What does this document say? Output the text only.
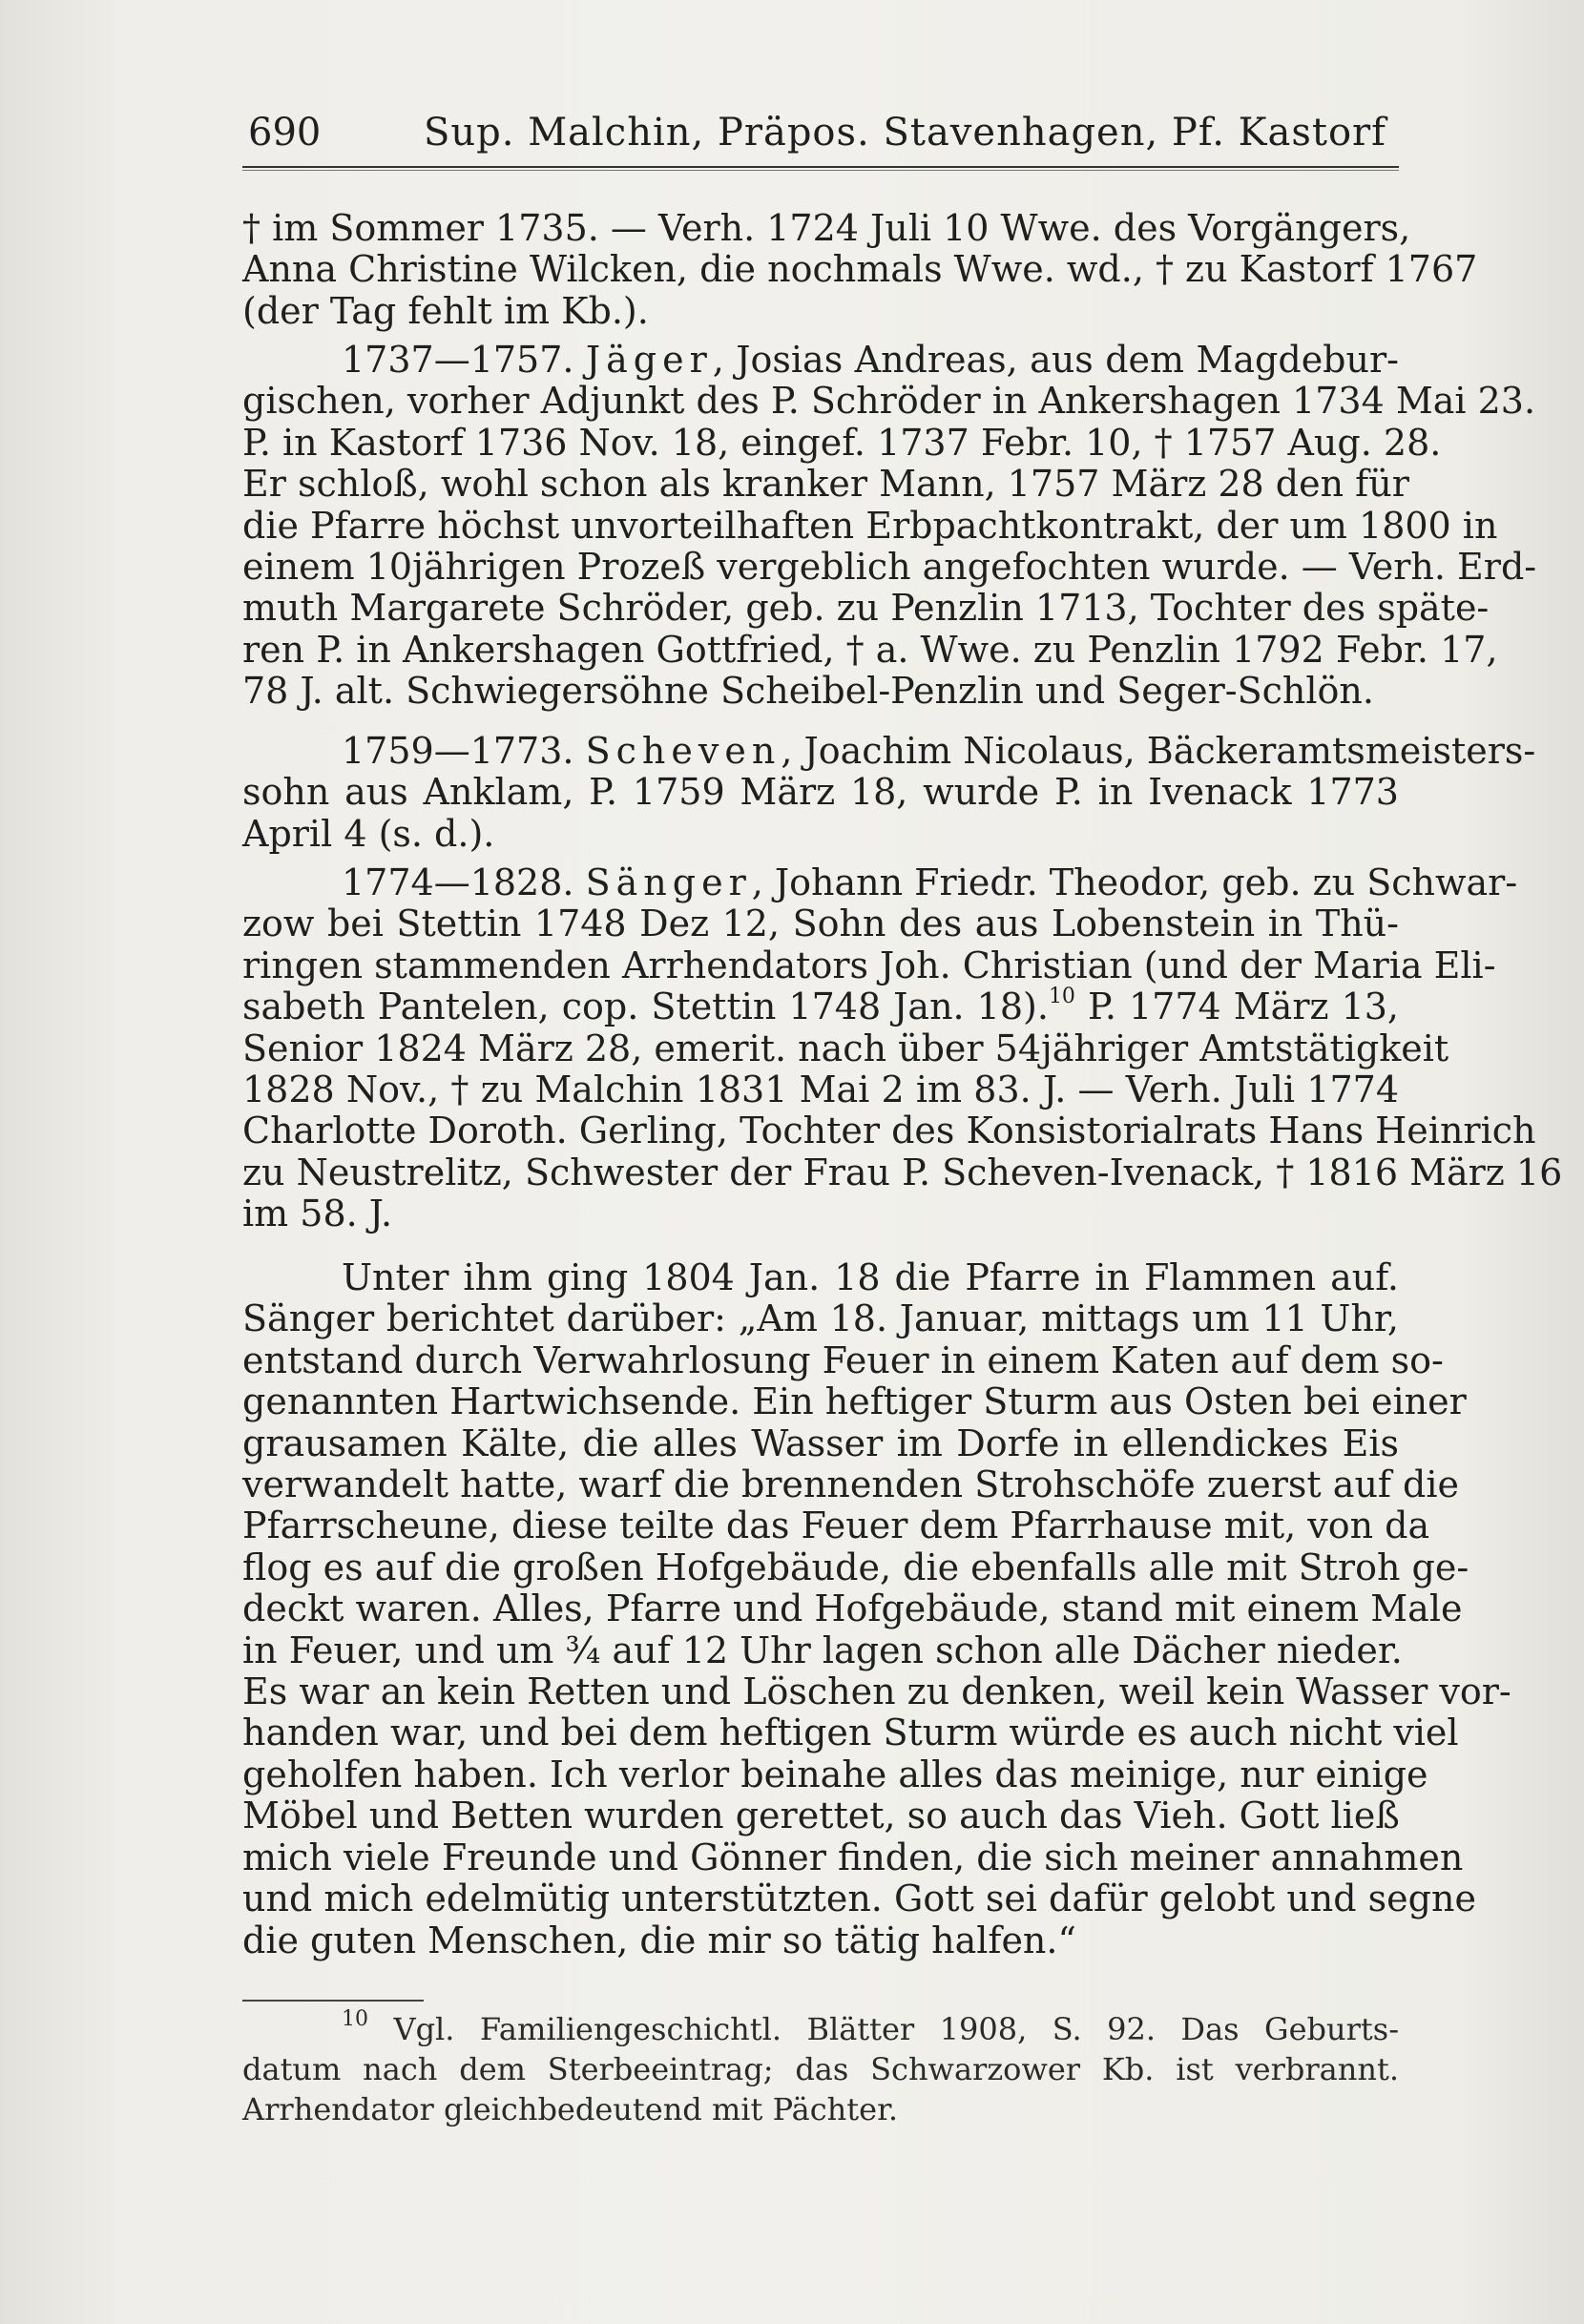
690	Sup. Malchin, Präpos. Stavenhagen, Pf. Kastorf

† im Sommer 1735. — Verh. 1724 Juli 10 Wwe. des Vorgängers,
Anna Christine Wilcken, die nochmals Wwe. wd., † zu Kastorf 1767
(der Tag fehlt im Kb.).

1737—1757. Jäger, Josias Andreas, aus dem Magdebur-
gischen, vorher Adjunkt des P. Schröder in Ankershagen 1734 Mai 23.
P. in Kastorf 1736 Nov. 18, eingef. 1737 Febr. 10, † 1757 Aug. 28.
Er schloß, wohl schon als kranker Mann, 1757 März 28 den für
die Pfarre höchst unvorteilhaften Erbpachtkontrakt, der um 1800 in
einem 10jährigen Prozeß vergeblich angefochten wurde. — Verh. Erd-
muth Margarete Schröder, geb. zu Penzlin 1713, Tochter des späte-
ren P. in Ankershagen Gottfried, † a. Wwe. zu Penzlin 1792 Febr. 17,
78 J. alt. Schwiegersöhne Scheibel-Penzlin und Seger-Schlön.

1759—1773. Scheven, Joachim Nicolaus, Bäckeramtsmeisters-
sohn aus Anklam, P. 1759 März 18, wurde P. in Ivenack 1773
April 4 (s. d.).

1774—1828. Sänger, Johann Friedr. Theodor, geb. zu Schwar-
zow bei Stettin 1748 Dez 12, Sohn des aus Lobenstein in Thü-
ringen stammenden Arrhendators Joh. Christian (und der Maria Eli-
sabeth Pantelen, cop. Stettin 1748 Jan. 18).$^{10}$ P. 1774 März 13,
Senior 1824 März 28, emerit. nach über 54jähriger Amtstätigkeit
1828 Nov., † zu Malchin 1831 Mai 2 im 83. J. — Verh. Juli 1774
Charlotte Doroth. Gerling, Tochter des Konsistorialrats Hans Heinrich
zu Neustrelitz, Schwester der Frau P. Scheven-Ivenack, † 1816 März 16
im 58. J.

Unter ihm ging 1804 Jan. 18 die Pfarre in Flammen auf.
Sänger berichtet darüber: „Am 18. Januar, mittags um 11 Uhr,
entstand durch Verwahrlosung Feuer in einem Katen auf dem so-
genannten Hartwichsende. Ein heftiger Sturm aus Osten bei einer
grausamen Kälte, die alles Wasser im Dorfe in ellendickes Eis
verwandelt hatte, warf die brennenden Strohschöfe zuerst auf die
Pfarrscheune, diese teilte das Feuer dem Pfarrhause mit, von da
flog es auf die großen Hofgebäude, die ebenfalls alle mit Stroh ge-
deckt waren. Alles, Pfarre und Hofgebäude, stand mit einem Male
in Feuer, und um ¾ auf 12 Uhr lagen schon alle Dächer nieder.
Es war an kein Retten und Löschen zu denken, weil kein Wasser vor-
handen war, und bei dem heftigen Sturm würde es auch nicht viel
geholfen haben. Ich verlor beinahe alles das meinige, nur einige
Möbel und Betten wurden gerettet, so auch das Vieh. Gott ließ
mich viele Freunde und Gönner finden, die sich meiner annahmen
und mich edelmütig unterstützten. Gott sei dafür gelobt und segne
die guten Menschen, die mir so tätig halfen.“

$^{10}$ Vgl. Familiengeschichtl. Blätter 1908, S. 92. Das Geburts-
datum nach dem Sterbeeintrag; das Schwarzower Kb. ist verbrannt.
Arrhendator gleichbedeutend mit Pächter.
